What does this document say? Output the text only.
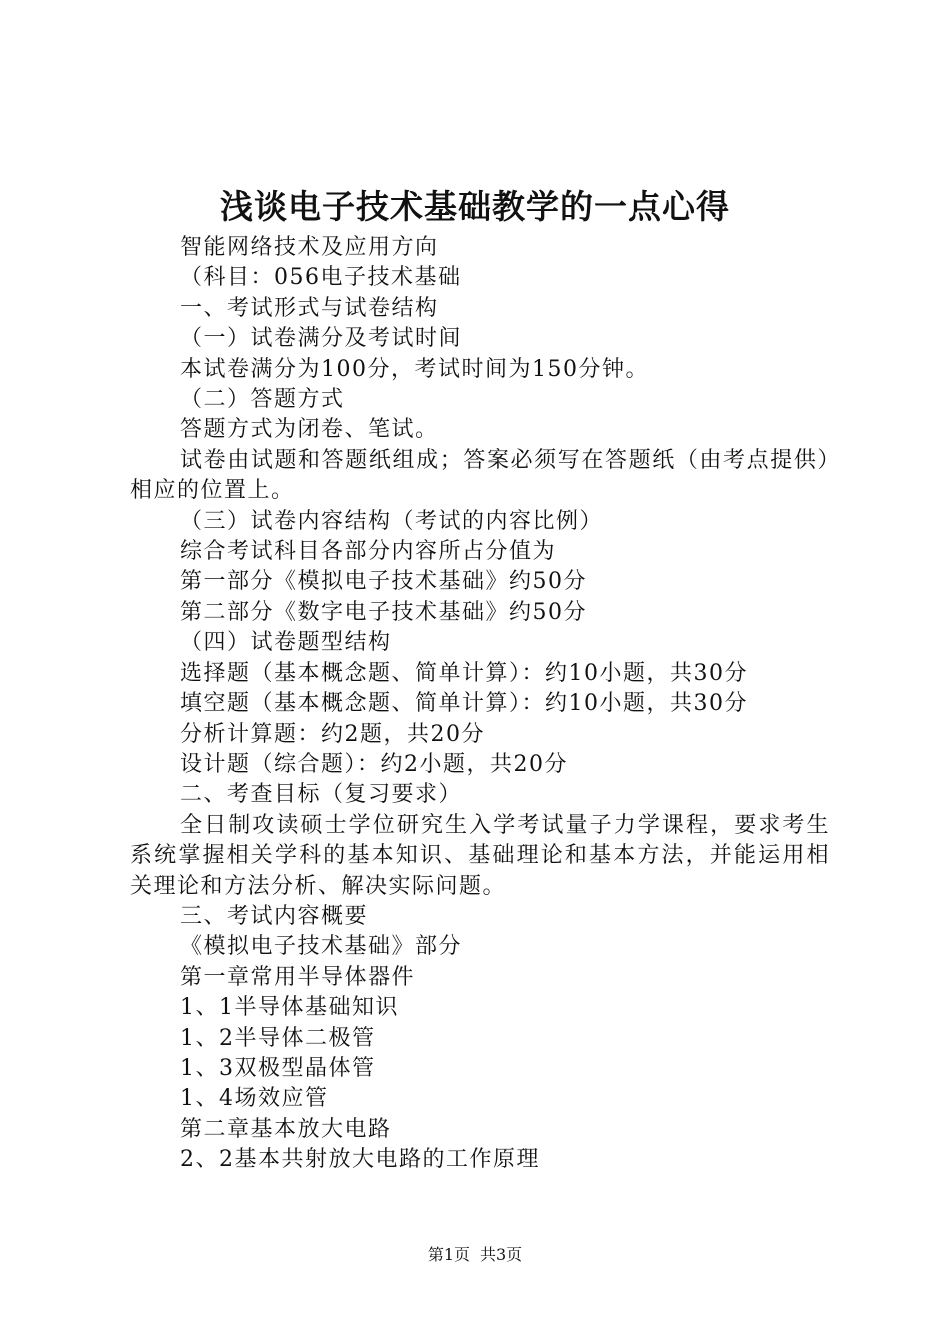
浅谈电子技术基础教学的一点心得

智能网络技术及应用方向

（科目：056电子技术基础

一、考试形式与试卷结构

（一）试卷满分及考试时间

本试卷满分为100分，考试时间为150分钟。

（二）答题方式

答题方式为闭卷、笔试。

试卷由试题和答题纸组成；答案必须写在答题纸（由考点提供）相应的位置上。

（三）试卷内容结构（考试的内容比例）

综合考试科目各部分内容所占分值为

第一部分《模拟电子技术基础》约50分

第二部分《数字电子技术基础》约50分

（四）试卷题型结构

选择题（基本概念题、简单计算）：约10小题，共30分

填空题（基本概念题、简单计算）：约10小题，共30分

分析计算题：约2题，共20分

设计题（综合题）：约2小题，共20分

二、考查目标（复习要求）

全日制攻读硕士学位研究生入学考试量子力学课程，要求考生系统掌握相关学科的基本知识、基础理论和基本方法，并能运用相关理论和方法分析、解决实际问题。

三、考试内容概要

《模拟电子技术基础》部分

第一章常用半导体器件

1、1半导体基础知识

1、2半导体二极管

1、3双极型晶体管

1、4场效应管

第二章基本放大电路

2、2基本共射放大电路的工作原理

第1页 共3页
